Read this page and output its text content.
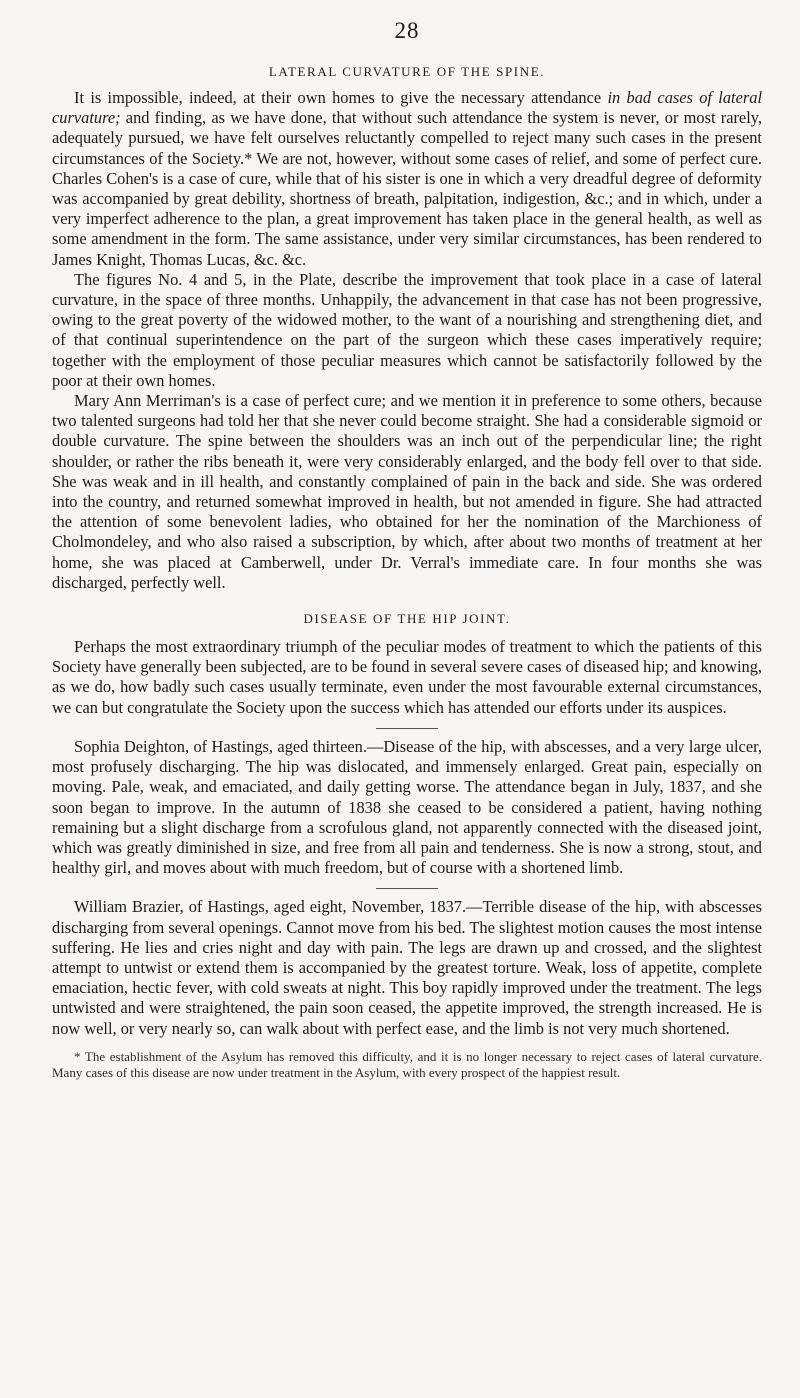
28
LATERAL CURVATURE OF THE SPINE.

It is impossible, indeed, at their own homes to give the necessary attendance in bad cases of lateral curvature; and finding, as we have done, that without such attendance the system is never, or most rarely, adequately pursued, we have felt ourselves reluctantly compelled to reject many such cases in the present circumstances of the Society.* We are not, however, without some cases of relief, and some of perfect cure. Charles Cohen's is a case of cure, while that of his sister is one in which a very dreadful degree of deformity was accompanied by great debility, shortness of breath, palpitation, indigestion, &c.; and in which, under a very imperfect adherence to the plan, a great improvement has taken place in the general health, as well as some amendment in the form. The same assistance, under very similar circumstances, has been rendered to James Knight, Thomas Lucas, &c. &c.

The figures No. 4 and 5, in the Plate, describe the improvement that took place in a case of lateral curvature, in the space of three months. Unhappily, the advancement in that case has not been progressive, owing to the great poverty of the widowed mother, to the want of a nourishing and strengthening diet, and of that continual superintendence on the part of the surgeon which these cases imperatively require; together with the employment of those peculiar measures which cannot be satisfactorily followed by the poor at their own homes.

Mary Ann Merriman's is a case of perfect cure; and we mention it in preference to some others, because two talented surgeons had told her that she never could become straight. She had a considerable sigmoid or double curvature. The spine between the shoulders was an inch out of the perpendicular line; the right shoulder, or rather the ribs beneath it, were very considerably enlarged, and the body fell over to that side. She was weak and in ill health, and constantly complained of pain in the back and side. She was ordered into the country, and returned somewhat improved in health, but not amended in figure. She had attracted the attention of some benevolent ladies, who obtained for her the nomination of the Marchioness of Cholmondeley, and who also raised a subscription, by which, after about two months of treatment at her home, she was placed at Camberwell, under Dr. Verral's immediate care. In four months she was discharged, perfectly well.

DISEASE OF THE HIP JOINT.

Perhaps the most extraordinary triumph of the peculiar modes of treatment to which the patients of this Society have generally been subjected, are to be found in several severe cases of diseased hip; and knowing, as we do, how badly such cases usually terminate, even under the most favourable external circumstances, we can but congratulate the Society upon the success which has attended our efforts under its auspices.

Sophia Deighton, of Hastings, aged thirteen.—Disease of the hip, with abscesses, and a very large ulcer, most profusely discharging. The hip was dislocated, and immensely enlarged. Great pain, especially on moving. Pale, weak, and emaciated, and daily getting worse. The attendance began in July, 1837, and she soon began to improve. In the autumn of 1838 she ceased to be considered a patient, having nothing remaining but a slight discharge from a scrofulous gland, not apparently connected with the diseased joint, which was greatly diminished in size, and free from all pain and tenderness. She is now a strong, stout, and healthy girl, and moves about with much freedom, but of course with a shortened limb.

William Brazier, of Hastings, aged eight, November, 1837.—Terrible disease of the hip, with abscesses discharging from several openings. Cannot move from his bed. The slightest motion causes the most intense suffering. He lies and cries night and day with pain. The legs are drawn up and crossed, and the slightest attempt to untwist or extend them is accompanied by the greatest torture. Weak, loss of appetite, complete emaciation, hectic fever, with cold sweats at night. This boy rapidly improved under the treatment. The legs untwisted and were straightened, the pain soon ceased, the appetite improved, the strength increased. He is now well, or very nearly so, can walk about with perfect ease, and the limb is not very much shortened.

* The establishment of the Asylum has removed this difficulty, and it is no longer necessary to reject cases of lateral curvature. Many cases of this disease are now under treatment in the Asylum, with every prospect of the happiest result.
